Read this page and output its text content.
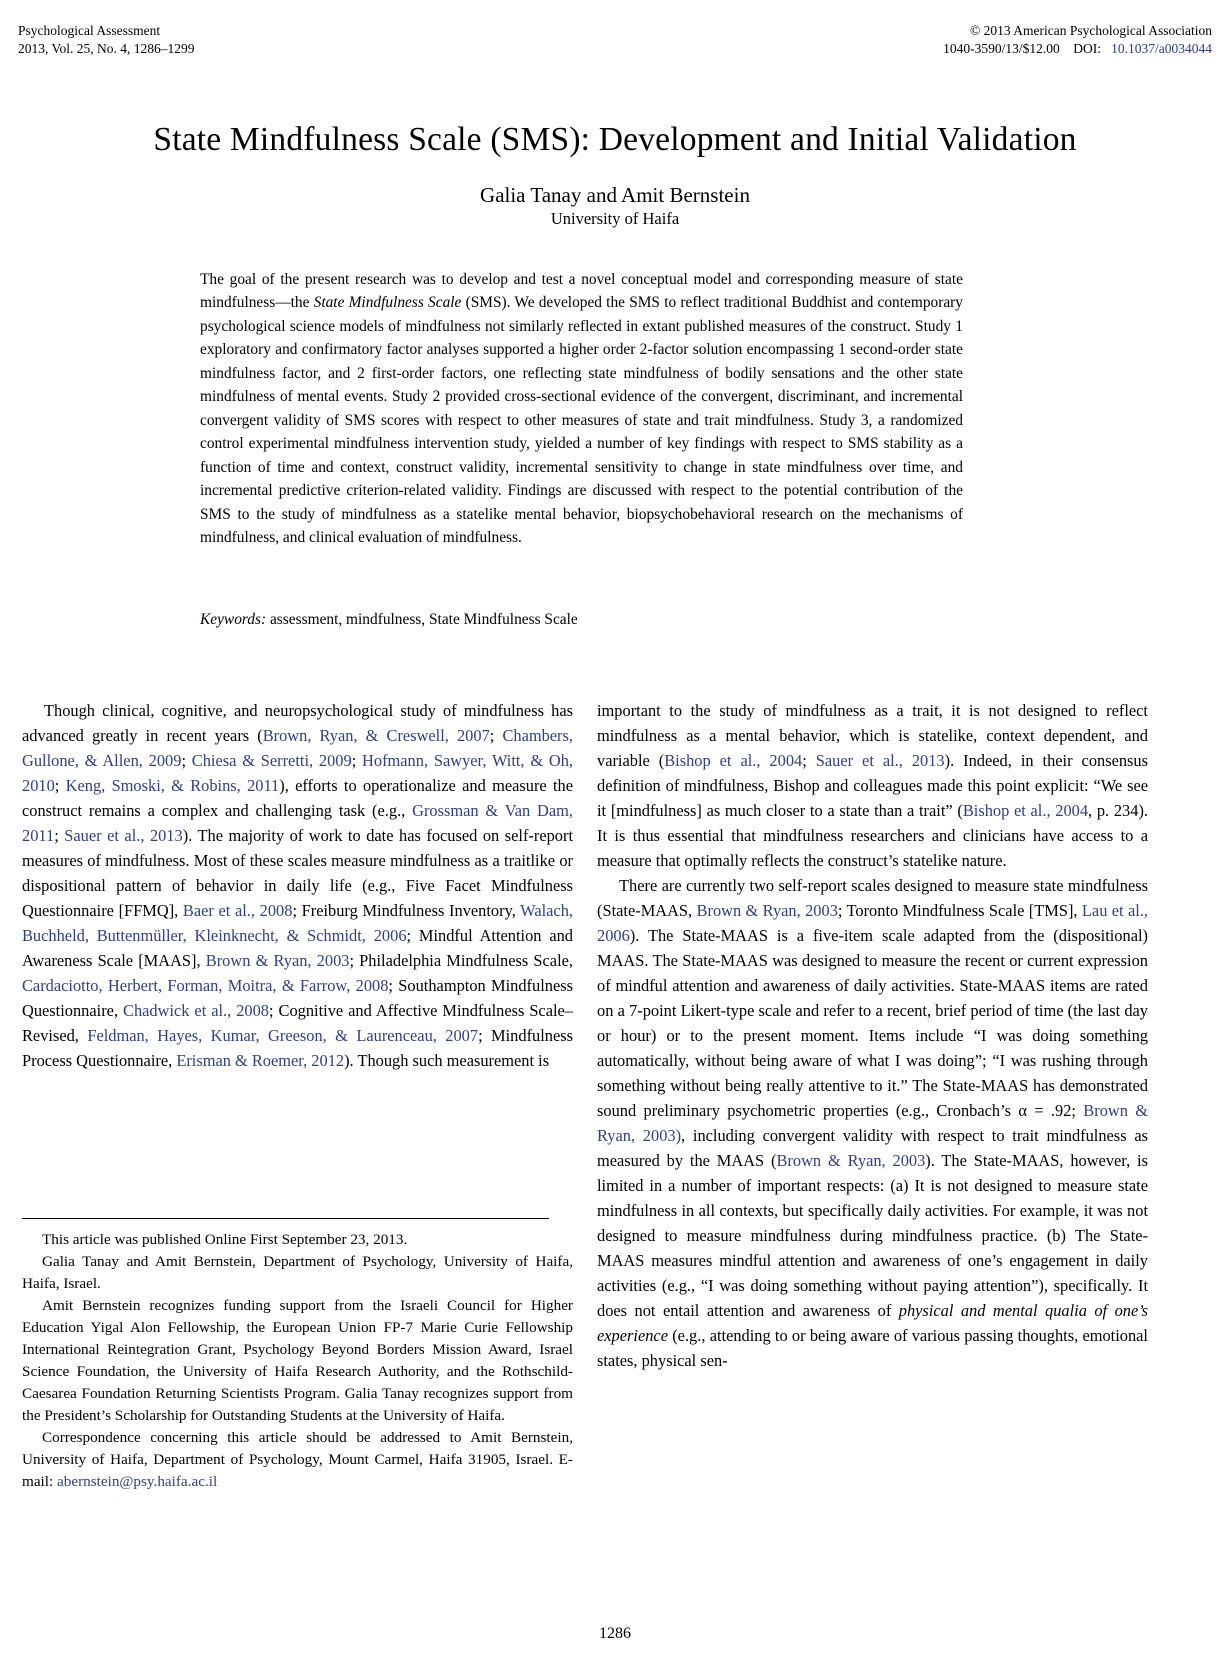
Psychological Assessment
2013, Vol. 25, No. 4, 1286–1299
© 2013 American Psychological Association
1040-3590/13/$12.00 DOI: 10.1037/a0034044
State Mindfulness Scale (SMS): Development and Initial Validation
Galia Tanay and Amit Bernstein
University of Haifa
The goal of the present research was to develop and test a novel conceptual model and corresponding measure of state mindfulness—the State Mindfulness Scale (SMS). We developed the SMS to reflect traditional Buddhist and contemporary psychological science models of mindfulness not similarly reflected in extant published measures of the construct. Study 1 exploratory and confirmatory factor analyses supported a higher order 2-factor solution encompassing 1 second-order state mindfulness factor, and 2 first-order factors, one reflecting state mindfulness of bodily sensations and the other state mindfulness of mental events. Study 2 provided cross-sectional evidence of the convergent, discriminant, and incremental convergent validity of SMS scores with respect to other measures of state and trait mindfulness. Study 3, a randomized control experimental mindfulness intervention study, yielded a number of key findings with respect to SMS stability as a function of time and context, construct validity, incremental sensitivity to change in state mindfulness over time, and incremental predictive criterion-related validity. Findings are discussed with respect to the potential contribution of the SMS to the study of mindfulness as a statelike mental behavior, biopsychobehavioral research on the mechanisms of mindfulness, and clinical evaluation of mindfulness.
Keywords: assessment, mindfulness, State Mindfulness Scale

Though clinical, cognitive, and neuropsychological study of mindfulness has advanced greatly in recent years (Brown, Ryan, & Creswell, 2007; Chambers, Gullone, & Allen, 2009; Chiesa & Serretti, 2009; Hofmann, Sawyer, Witt, & Oh, 2010; Keng, Smoski, & Robins, 2011), efforts to operationalize and measure the construct remains a complex and challenging task (e.g., Grossman & Van Dam, 2011; Sauer et al., 2013). The majority of work to date has focused on self-report measures of mindfulness. Most of these scales measure mindfulness as a traitlike or dispositional pattern of behavior in daily life (e.g., Five Facet Mindfulness Questionnaire [FFMQ], Baer et al., 2008; Freiburg Mindfulness Inventory, Walach, Buchheld, Buttenmüller, Kleinknecht, & Schmidt, 2006; Mindful Attention and Awareness Scale [MAAS], Brown & Ryan, 2003; Philadelphia Mindfulness Scale, Cardaciotto, Herbert, Forman, Moitra, & Farrow, 2008; Southampton Mindfulness Questionnaire, Chadwick et al., 2008; Cognitive and Affective Mindfulness Scale–Revised, Feldman, Hayes, Kumar, Greeson, & Laurenceau, 2007; Mindfulness Process Questionnaire, Erisman & Roemer, 2012). Though such measurement is

important to the study of mindfulness as a trait, it is not designed to reflect mindfulness as a mental behavior, which is statelike, context dependent, and variable (Bishop et al., 2004; Sauer et al., 2013). Indeed, in their consensus definition of mindfulness, Bishop and colleagues made this point explicit: “We see it [mindfulness] as much closer to a state than a trait” (Bishop et al., 2004, p. 234). It is thus essential that mindfulness researchers and clinicians have access to a measure that optimally reflects the construct’s statelike nature.

There are currently two self-report scales designed to measure state mindfulness (State-MAAS, Brown & Ryan, 2003; Toronto Mindfulness Scale [TMS], Lau et al., 2006). The State-MAAS is a five-item scale adapted from the (dispositional) MAAS. The State-MAAS was designed to measure the recent or current expression of mindful attention and awareness of daily activities. State-MAAS items are rated on a 7-point Likert-type scale and refer to a recent, brief period of time (the last day or hour) or to the present moment. Items include “I was doing something automatically, without being aware of what I was doing”; “I was rushing through something without being really attentive to it.” The State-MAAS has demonstrated sound preliminary psychometric properties (e.g., Cronbach’s α = .92; Brown & Ryan, 2003), including convergent validity with respect to trait mindfulness as measured by the MAAS (Brown & Ryan, 2003). The State-MAAS, however, is limited in a number of important respects: (a) It is not designed to measure state mindfulness in all contexts, but specifically daily activities. For example, it was not designed to measure mindfulness during mindfulness practice. (b) The State-MAAS measures mindful attention and awareness of one’s engagement in daily activities (e.g., “I was doing something without paying attention”), specifically. It does not entail attention and awareness of physical and mental qualia of one’s experience (e.g., attending to or being aware of various passing thoughts, emotional states, physical sen-

This article was published Online First September 23, 2013.

Galia Tanay and Amit Bernstein, Department of Psychology, University of Haifa, Haifa, Israel.

Amit Bernstein recognizes funding support from the Israeli Council for Higher Education Yigal Alon Fellowship, the European Union FP-7 Marie Curie Fellowship International Reintegration Grant, Psychology Beyond Borders Mission Award, Israel Science Foundation, the University of Haifa Research Authority, and the Rothschild-Caesarea Foundation Returning Scientists Program. Galia Tanay recognizes support from the President’s Scholarship for Outstanding Students at the University of Haifa.

Correspondence concerning this article should be addressed to Amit Bernstein, University of Haifa, Department of Psychology, Mount Carmel, Haifa 31905, Israel. E-mail: abernstein@psy.haifa.ac.il

1286
